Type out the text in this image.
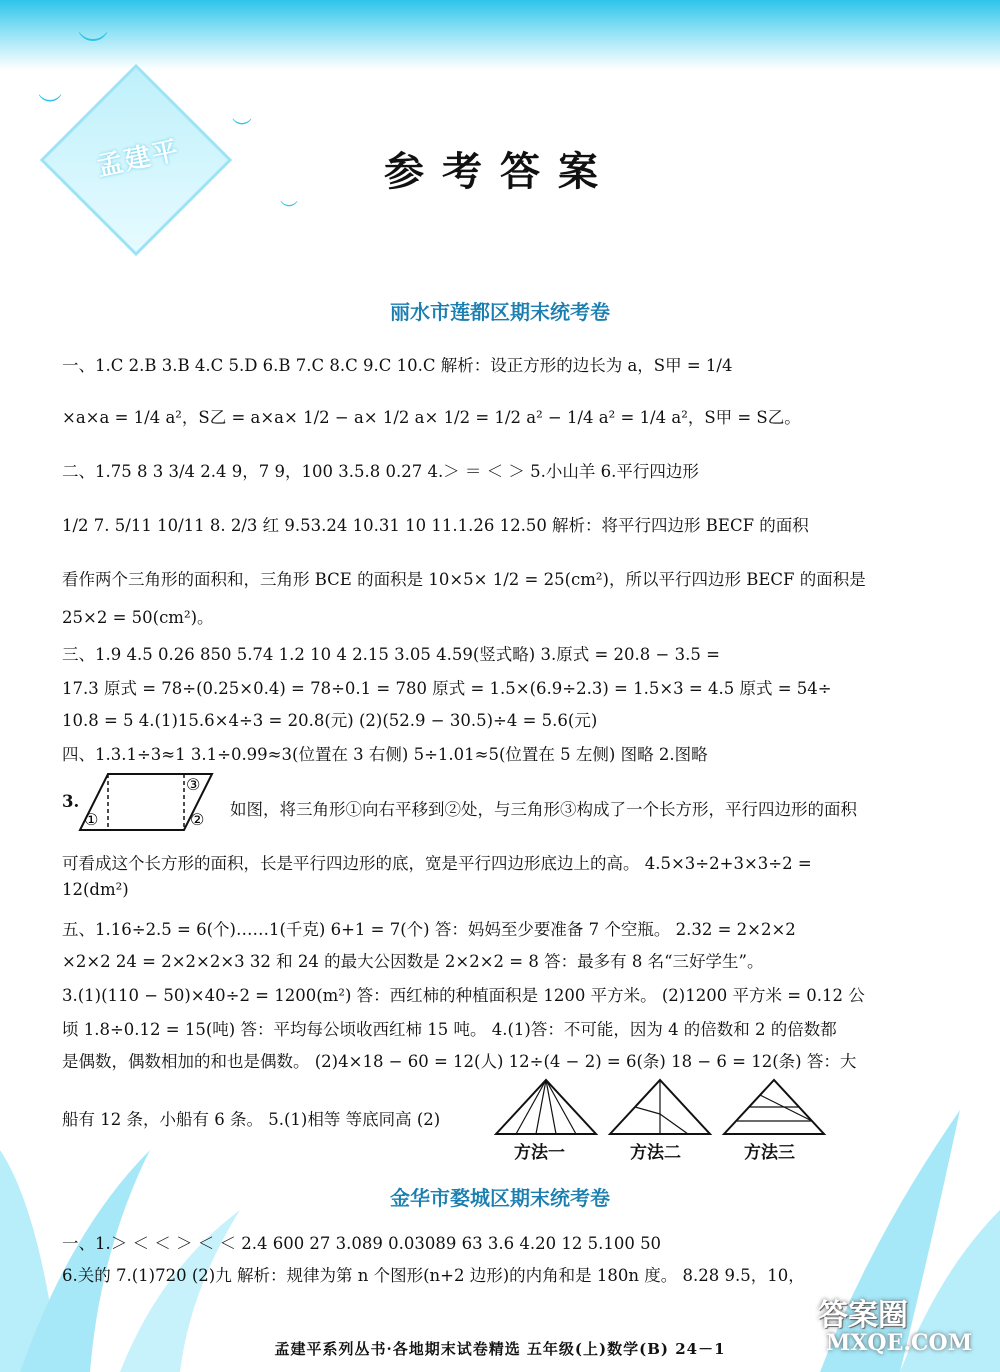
︶
︶
︶
︶
孟建平	参考答案
丽水市莲都区期末统考卷
一、1.C 2.B 3.B 4.C 5.D 6.B 7.C 8.C 9.C 10.C 解析：设正方形的边长为 a，S甲 = 1/4
×a×a = 1/4 a²，S乙 = a×a× 1/2 − a× 1/2 a× 1/2 = 1/2 a² − 1/4 a² = 1/4 a²，S甲 = S乙。
二、1.75 8 3 3/4 2.4 9，7 9，100 3.5.8 0.27 4.＞ ＝ ＜ ＞ 5.小山羊 6.平行四边形
1/2 7. 5/11 10/11 8. 2/3 红 9.53.24 10.31 10 11.1.2̇6 12.50 解析：将平行四边形 BECF 的面积
看作两个三角形的面积和，三角形 BCE 的面积是 10×5× 1/2 = 25(cm²)，所以平行四边形 BECF 的面积是
25×2 = 50(cm²)。
三、1.9 4.5 0.26 850 5.74 1.2 10 4 2.15 3.05 4.59(竖式略) 3.原式 = 20.8 − 3.5 =
17.3 原式 = 78÷(0.25×0.4) = 78÷0.1 = 780 原式 = 1.5×(6.9÷2.3) = 1.5×3 = 4.5 原式 = 54÷
10.8 = 5 4.(1)15.6×4÷3 = 20.8(元) (2)(52.9 − 30.5)÷4 = 5.6(元)
四、1.3.1÷3≈1 3.1÷0.99≈3(位置在 3 右侧) 5÷1.01≈5(位置在 5 左侧) 图略 2.图略
3.
①	②
③
如图，将三角形①向右平移到②处，与三角形③构成了一个长方形，平行四边形的面积
可看成这个长方形的面积，长是平行四边形的底，宽是平行四边形底边上的高。 4.5×3÷2+3×3÷2 =
12(dm²)
五、1.16÷2.5 = 6(个)……1(千克) 6+1 = 7(个) 答：妈妈至少要准备 7 个空瓶。 2.32 = 2×2×2
×2×2 24 = 2×2×2×3 32 和 24 的最大公因数是 2×2×2 = 8 答：最多有 8 名“三好学生”。
3.(1)(110 − 50)×40÷2 = 1200(m²) 答：西红柿的种植面积是 1200 平方米。 (2)1200 平方米 = 0.12 公
顷 1.8÷0.12 = 15(吨) 答：平均每公顷收西红柿 15 吨。 4.(1)答：不可能，因为 4 的倍数和 2 的倍数都
是偶数，偶数相加的和也是偶数。 (2)4×18 − 60 = 12(人) 12÷(4 − 2) = 6(条) 18 − 6 = 12(条) 答：大
船有 12 条，小船有 6 条。 5.(1)相等 等底同高 (2)
方法一	方法二	方法三
金华市婺城区期末统考卷
一、1.＞ ＜ ＜ ＞ ＜ ＜ 2.4 600 27 3.089 0.03089 63 3.6 4.20 12 5.100 50
6.关的 7.(1)720 (2)九 解析：规律为第 n 个图形(n+2 边形)的内角和是 180n 度。 8.28 9.5，10，
孟建平系列丛书·各地期末试卷精选 五年级(上)数学(B) 24－1
答案圈
MXQE.COM
